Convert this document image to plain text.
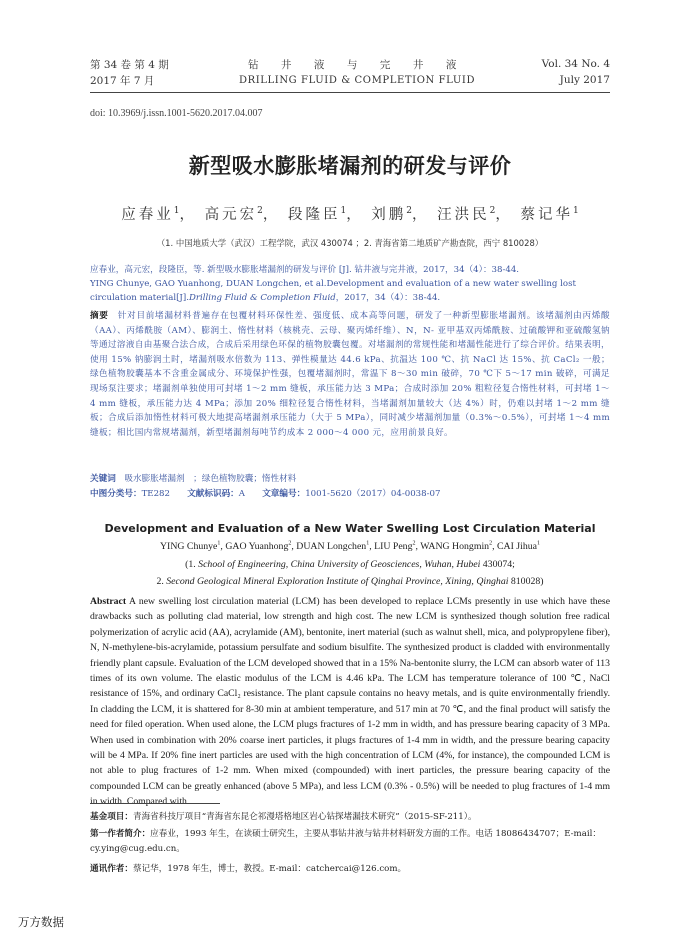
第 34 卷 第 4 期	钻　井　液　与　完　井　液	Vol. 34 No. 4
2017 年 7 月	DRILLING FLUID & COMPLETION FLUID	July 2017
doi: 10.3969/j.issn.1001-5620.2017.04.007
新型吸水膨胀堵漏剂的研发与评价
应春业$^1$， 高元宏$^2$， 段隆臣$^1$， 刘鹏$^2$， 汪洪民$^2$， 蔡记华$^1$
（1. 中国地质大学（武汉）工程学院，武汉 430074 ；2. 青海省第二地质矿产勘查院，西宁 810028）

应春业，高元宏，段隆臣，等. 新型吸水膨胀堵漏剂的研发与评价 [J]. 钻井液与完井液，2017，34（4）：38-44.

YING Chunye, GAO Yuanhong, DUAN Longchen, et al.Development and evaluation of a new water swelling lost circulation material[J].Drilling Fluid & Completion Fluid，2017，34（4）：38-44.

摘要　 针对目前堵漏材料普遍存在包覆材料环保性差、强度低、成本高等问题，研发了一种新型膨胀堵漏剂。该堵漏剂由丙烯酸（AA）、丙烯酰胺（AM）、膨润土、惰性材料（核桃壳、云母、聚丙烯纤维）、N，N- 亚甲基双丙烯酰胺、过硫酸钾和亚硫酸氢钠等通过溶液自由基聚合法合成，合成后采用绿色环保的植物胶囊包覆。对堵漏剂的常规性能和堵漏性能进行了综合评价。结果表明，使用 15% 钠膨润土时，堵漏剂吸水倍数为 113、弹性模量达 44.6 kPa、抗温达 100 ℃、抗 NaCl 达 15%、抗 CaCl₂ 一般；绿色植物胶囊基本不含重金属成分、环境保护性强，包覆堵漏剂时，常温下 8～30 min 破碎，70 ℃下 5～17 min 破碎，可满足现场泵注要求；堵漏剂单独使用可封堵 1～2 mm 缝板，承压能力达 3 MPa；合成时添加 20% 粗粒径复合惰性材料，可封堵 1～4 mm 缝板，承压能力达 4 MPa；添加 20% 细粒径复合惰性材料，当堵漏剂加量较大（达 4%）时，仍难以封堵 1～2 mm 缝板；合成后添加惰性材料可极大地提高堵漏剂承压能力（大于 5 MPa），同时减少堵漏剂加量（0.3%～0.5%），可封堵 1～4 mm 缝板；相比国内常规堵漏剂，新型堵漏剂每吨节约成本 2 000～4 000 元，应用前景良好。
关键词　 吸水膨胀堵漏剂　；绿色植物胶囊；惰性材料
中图分类号：TE282　　 文献标识码：A　　 文章编号：1001-5620（2017）04-0038-07
Development and Evaluation of a New Water Swelling Lost Circulation Material
YING Chunye$^1$, GAO Yuanhong$^2$, DUAN Longchen$^1$, LIU Peng$^2$, WANG Hongmin$^2$, CAI Jihua$^1$
(1. School of Engineering, China University of Geosciences, Wuhan, Hubei 430074;
2. Second Geological Mineral Exploration Institute of Qinghai Province, Xining, Qinghai 810028)
Abstract A new swelling lost circulation material (LCM) has been developed to replace LCMs presently in use which have these drawbacks such as polluting clad material, low strength and high cost. The new LCM is synthesized though solution free radical polymerization of acrylic acid (AA), acrylamide (AM), bentonite, inert material (such as walnut shell, mica, and polypropylene fiber), N, N-methylene-bis-acrylamide, potassium persulfate and sodium bisulfite. The synthesized product is cladded with environmentally friendly plant capsule. Evaluation of the LCM developed showed that in a 15% Na-bentonite slurry, the LCM can absorb water of 113 times of its own volume. The elastic modulus of the LCM is 4.46 kPa. The LCM has temperature tolerance of 100 ℃, NaCl resistance of 15%, and ordinary CaCl₂ resistance. The plant capsule contains no heavy metals, and is quite environmentally friendly. In cladding the LCM, it is shattered for 8-30 min at ambient temperature, and 517 min at 70 ℃, and the final product will satisfy the need for filed operation. When used alone, the LCM plugs fractures of 1-2 mm in width, and has pressure bearing capacity of 3 MPa. When used in combination with 20% coarse inert particles, it plugs fractures of 1-4 mm in width, and the pressure bearing capacity will be 4 MPa. If 20% fine inert particles are used with the high concentration of LCM (4%, for instance), the compounded LCM is not able to plug fractures of 1-2 mm. When mixed (compounded) with inert particles, the pressure bearing capacity of the compounded LCM can be greatly enhanced (above 5 MPa), and less LCM (0.3% - 0.5%) will be needed to plug fractures of 1-4 mm in width. Compared with
基金项目：青海省科技厅项目“青海省东昆仑祁漫塔格地区岩心钻探堵漏技术研究”（2015-SF-211）。
第一作者简介：应春业，1993 年生，在读硕士研究生，主要从事钻井液与钻井材料研发方面的工作。电话 18086434707；E-mail：cy.ying@cug.edu.cn。
通讯作者：蔡记华，1978 年生，博士，教授。E-mail：catchercai@126.com。
万方数据
